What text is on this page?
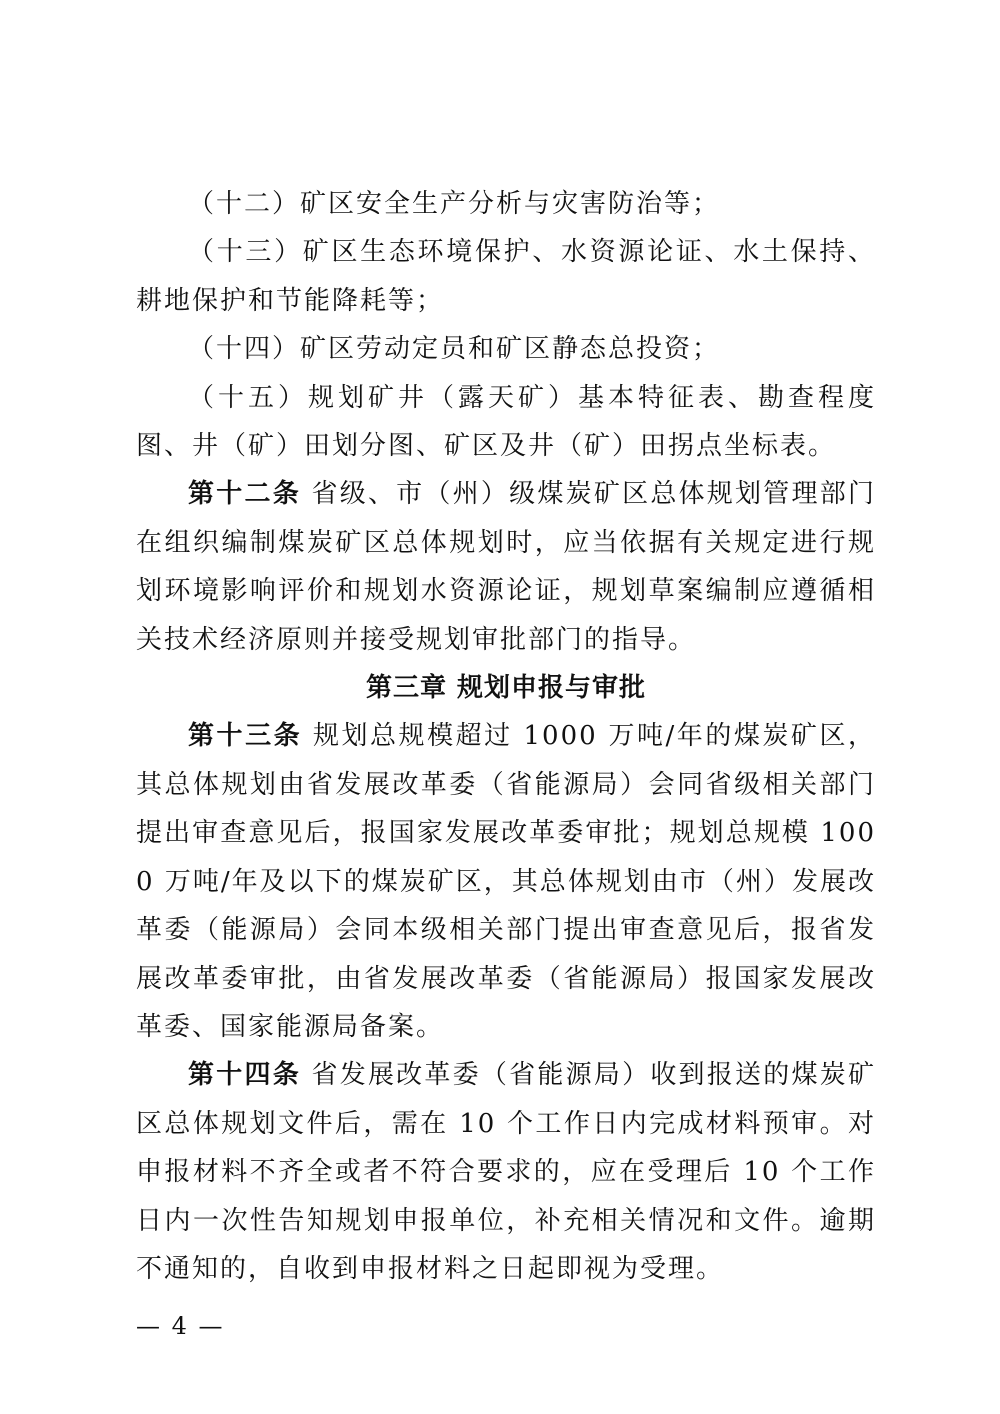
（十二）矿区安全生产分析与灾害防治等；

（十三）矿区生态环境保护、水资源论证、水土保持、耕地保护和节能降耗等；

（十四）矿区劳动定员和矿区静态总投资；

（十五）规划矿井（露天矿）基本特征表、勘查程度图、井（矿）田划分图、矿区及井（矿）田拐点坐标表。

第十二条 省级、市（州）级煤炭矿区总体规划管理部门在组织编制煤炭矿区总体规划时，应当依据有关规定进行规划环境影响评价和规划水资源论证，规划草案编制应遵循相关技术经济原则并接受规划审批部门的指导。

第三章 规划申报与审批

第十三条 规划总规模超过 1000 万吨/年的煤炭矿区，其总体规划由省发展改革委（省能源局）会同省级相关部门提出审查意见后，报国家发展改革委审批；规划总规模 1000 万吨/年及以下的煤炭矿区，其总体规划由市（州）发展改革委（能源局）会同本级相关部门提出审查意见后，报省发展改革委审批，由省发展改革委（省能源局）报国家发展改革委、国家能源局备案。

第十四条 省发展改革委（省能源局）收到报送的煤炭矿区总体规划文件后，需在 10 个工作日内完成材料预审。对申报材料不齐全或者不符合要求的，应在受理后 10 个工作日内一次性告知规划申报单位，补充相关情况和文件。逾期不通知的，自收到申报材料之日起即视为受理。

— 4 —
